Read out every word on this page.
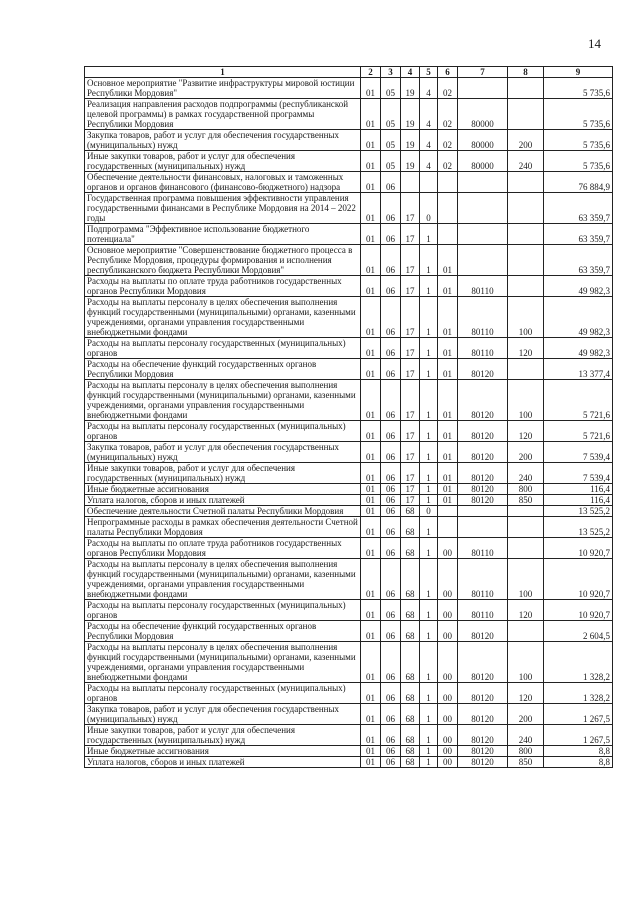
14
1	2	3	4	5	6	7	8	9
Основное мероприятие "Развитие инфраструктуры мировой юстиции Республики Мордовия"	01	05	19	4	02			5 735,6
Реализация направления расходов подпрограммы (республиканской целевой программы) в рамках государственной программы Республики Мордовия	01	05	19	4	02	80000		5 735,6
Закупка товаров, работ и услуг для обеспечения государственных (муниципальных) нужд	01	05	19	4	02	80000	200	5 735,6
Иные закупки товаров, работ и услуг для обеспечения государственных (муниципальных) нужд	01	05	19	4	02	80000	240	5 735,6
Обеспечение деятельности финансовых, налоговых и таможенных органов и органов финансового (финансово-бюджетного) надзора	01	06						76 884,9
Государственная программа повышения эффективности управления государственными финансами в Республике Мордовия на 2014 – 2022 годы	01	06	17	0				63 359,7
Подпрограмма "Эффективное использование бюджетного потенциала"	01	06	17	1				63 359,7
Основное мероприятие "Совершенствование бюджетного процесса в Республике Мордовия, процедуры формирования и исполнения республиканского бюджета Республики Мордовия"	01	06	17	1	01			63 359,7
Расходы на выплаты по оплате труда работников государственных органов Республики Мордовия	01	06	17	1	01	80110		49 982,3
Расходы на выплаты персоналу в целях обеспечения выполнения функций государственными (муниципальными) органами, казенными учреждениями, органами управления государственными внебюджетными фондами	01	06	17	1	01	80110	100	49 982,3
Расходы на выплаты персоналу государственных (муниципальных) органов	01	06	17	1	01	80110	120	49 982,3
Расходы на обеспечение функций государственных органов Республики Мордовия	01	06	17	1	01	80120		13 377,4
Расходы на выплаты персоналу в целях обеспечения выполнения функций государственными (муниципальными) органами, казенными учреждениями, органами управления государственными внебюджетными фондами	01	06	17	1	01	80120	100	5 721,6
Расходы на выплаты персоналу государственных (муниципальных) органов	01	06	17	1	01	80120	120	5 721,6
Закупка товаров, работ и услуг для обеспечения государственных (муниципальных) нужд	01	06	17	1	01	80120	200	7 539,4
Иные закупки товаров, работ и услуг для обеспечения государственных (муниципальных) нужд	01	06	17	1	01	80120	240	7 539,4
Иные бюджетные ассигнования	01	06	17	1	01	80120	800	116,4
Уплата налогов, сборов и иных платежей	01	06	17	1	01	80120	850	116,4
Обеспечение деятельности Счетной палаты Республики Мордовия	01	06	68	0				13 525,2
Непрограммные расходы в рамках обеспечения деятельности Счетной палаты Республики Мордовия	01	06	68	1				13 525,2
Расходы на выплаты по оплате труда работников государственных органов Республики Мордовия	01	06	68	1	00	80110		10 920,7
Расходы на выплаты персоналу в целях обеспечения выполнения функций государственными (муниципальными) органами, казенными учреждениями, органами управления государственными внебюджетными фондами	01	06	68	1	00	80110	100	10 920,7
Расходы на выплаты персоналу государственных (муниципальных) органов	01	06	68	1	00	80110	120	10 920,7
Расходы на обеспечение функций государственных органов Республики Мордовия	01	06	68	1	00	80120		2 604,5
Расходы на выплаты персоналу в целях обеспечения выполнения функций государственными (муниципальными) органами, казенными учреждениями, органами управления государственными внебюджетными фондами	01	06	68	1	00	80120	100	1 328,2
Расходы на выплаты персоналу государственных (муниципальных) органов	01	06	68	1	00	80120	120	1 328,2
Закупка товаров, работ и услуг для обеспечения государственных (муниципальных) нужд	01	06	68	1	00	80120	200	1 267,5
Иные закупки товаров, работ и услуг для обеспечения государственных (муниципальных) нужд	01	06	68	1	00	80120	240	1 267,5
Иные бюджетные ассигнования	01	06	68	1	00	80120	800	8,8
Уплата налогов, сборов и иных платежей	01	06	68	1	00	80120	850	8,8
